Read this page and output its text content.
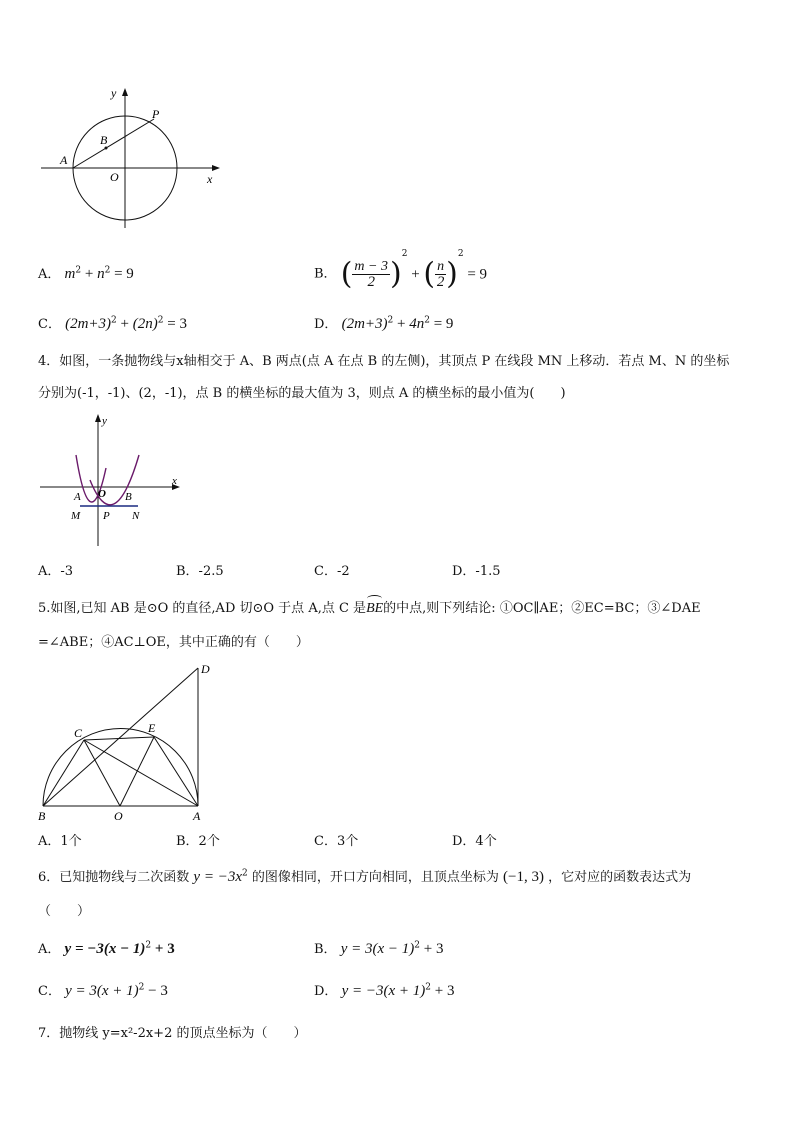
y
P
B
A
O	x
A． $m^2 + n^2 = 9$	B． ( $\frac{m - 3}{2} )^2$ + ( $\frac{n}{2} )^2 = 9$
C． $(2m+3)^2 + (2n)^2 = 3$	D． $(2m+3)^2 + 4n^2 = 9$
4．如图，一条抛物线与x轴相交于 A、B 两点(点 A 在点 B 的左侧)，其顶点 P 在线段 MN 上移动．若点 M、N 的坐标
分别为(-1，-1)、(2，-1)，点 B 的横坐标的最大值为 3，则点 A 的横坐标的最小值为(　　)
y
x
A O B
M P N
A．-3	B．-2.5	C．-2	D．-1.5
5.如图,已知 AB 是⊙O 的直径,AD 切⊙O 于点 A,点 C 是
BE的中点,则下列结论: ①OC∥AE；②EC=BC；③∠DAE
=∠ABE；④AC⊥OE，其中正确的有（　　）
D
C	E
B	O	A
A．1个	B．2个	C．3个	D．4个
6．已知抛物线与二次函数 $y = -3x^2$ 的图像相同，开口方向相同，且顶点坐标为 (−1, 3) ，它对应的函数表达式为
（　　）
A． $y = -3(x - 1)^2 + 3$	B． $y = 3(x - 1)^2 + 3$
C． $y = 3(x + 1)^2 - 3$	D． $y = -3(x + 1)^2 + 3$
7．抛物线 y=x²-2x+2 的顶点坐标为（　　）
